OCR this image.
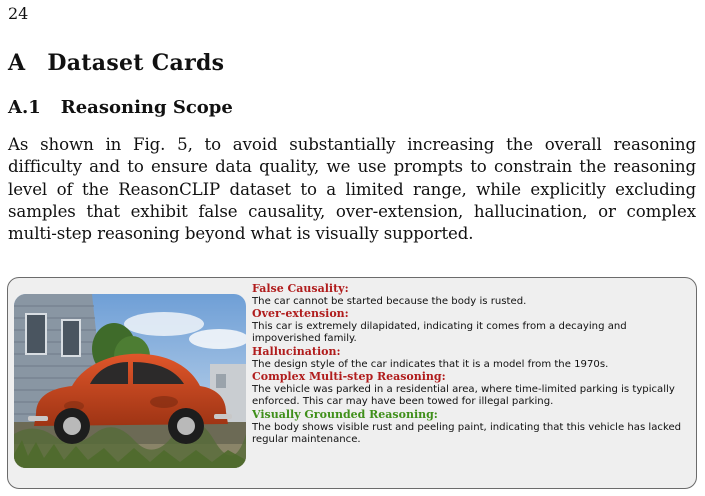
24
A Dataset Cards
A.1 Reasoning Scope

As shown in Fig. 5, to avoid substantially increasing the overall reasoning difficulty and to ensure data quality, we use prompts to constrain the reasoning level of the ReasonCLIP dataset to a limited range, while explicitly excluding samples that exhibit false causality, over-extension, hallucination, or complex multi-step reasoning beyond what is visually supported.

False Causality:
The car cannot be started because the body is rusted.
Over-extension:
This car is extremely dilapidated, indicating it comes from a decaying and impoverished family.
Hallucination:
The design style of the car indicates that it is a model from the 1970s.
Complex Multi-step Reasoning:
The vehicle was parked in a residential area, where time-limited parking is typically enforced. This car may have been towed for illegal parking.
Visually Grounded Reasoning:
The body shows visible rust and peeling paint, indicating that this vehicle has lacked regular maintenance.
